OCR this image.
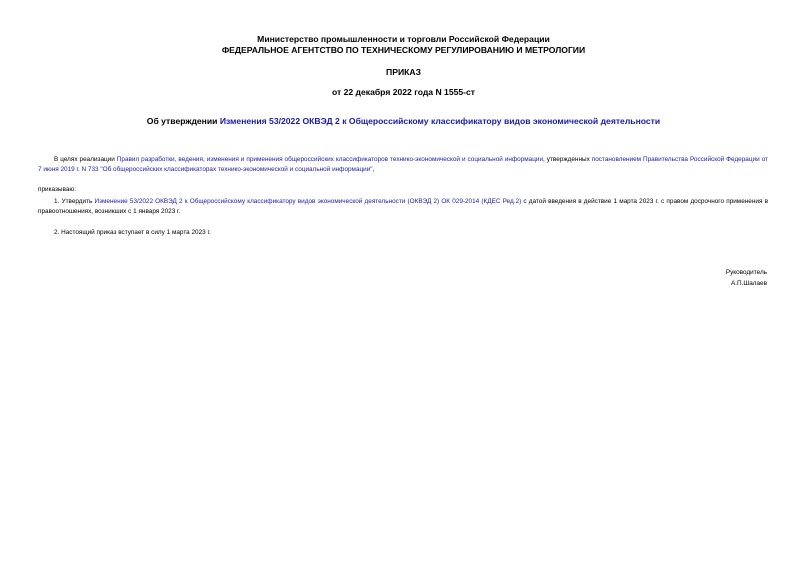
Министерство промышленности и торговли Российской Федерации
ФЕДЕРАЛЬНОЕ АГЕНТСТВО ПО ТЕХНИЧЕСКОМУ РЕГУЛИРОВАНИЮ И МЕТРОЛОГИИ
ПРИКАЗ
от 22 декабря 2022 года N 1555-ст
Об утверждении Изменения 53/2022 ОКВЭД 2 к Общероссийскому классификатору видов экономической деятельности
В целях реализации Правил разработки, ведения, изменения и применения общероссийских классификаторов технико-экономической и социальной информации, утвержденных постановлением Правительства Российской Федерации от 7 июня 2019 г. N 733 "Об общероссийских классификаторах технико-экономической и социальной информации",
приказываю:
1. Утвердить Изменение 53/2022 ОКВЭД 2 к Общероссийскому классификатору видов экономической деятельности (ОКВЭД 2) ОК 029-2014 (КДЕС Ред.2) с датой введения в действие 1 марта 2023 г. с правом досрочного применения в правоотношениях, возникших с 1 января 2023 г.
2. Настоящий приказ вступает в силу 1 марта 2023 г.
Руководитель
А.П.Шалаев
